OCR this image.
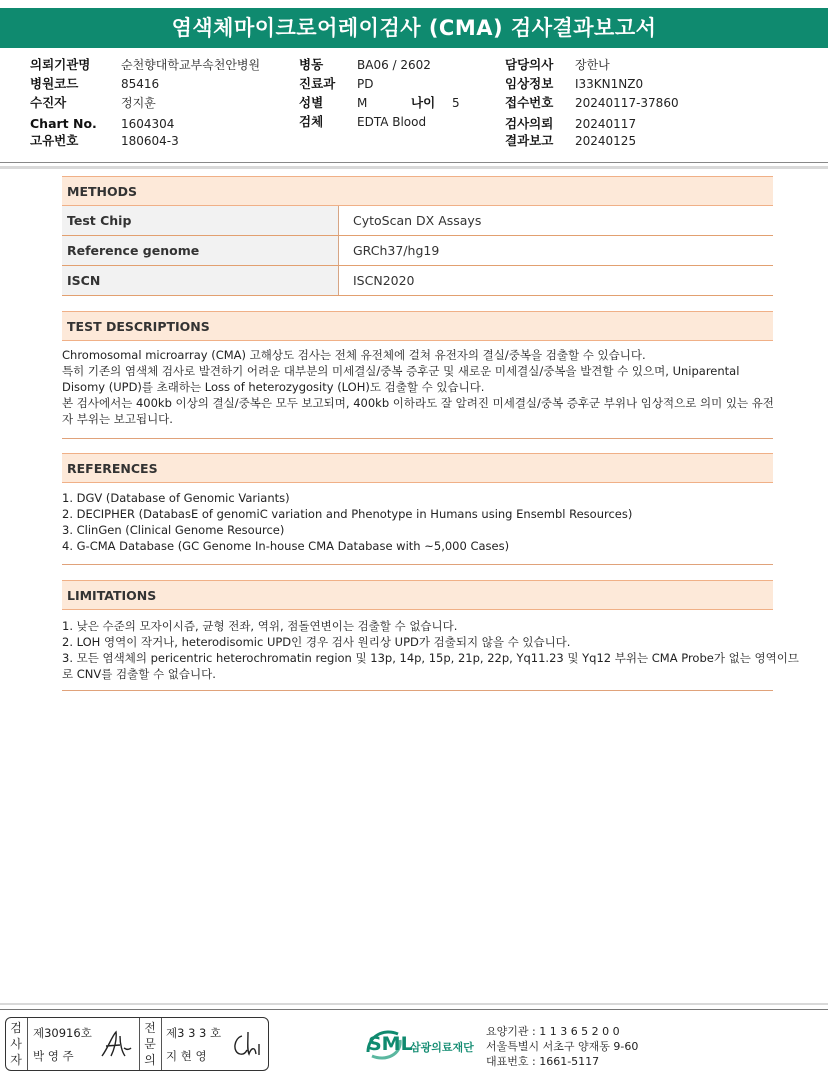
염색체마이크로어레이검사 (CMA) 검사결과보고서
의뢰기관명	순천향대학교부속천안병원
병원코드	85416
수진자	정지훈
Chart No. 1604304
고유번호	180604-3
병동	BA06 / 2602
진료과 PD
성별	M	나이 5
검체	EDTA Blood
담당의사 장한나
임상정보 I33KN1NZ0
접수번호 20240117-37860
검사의뢰 20240117
결과보고 20240125
METHODS
Test Chip	CytoScan DX Assays
Reference genome	GRCh37/hg19
ISCN	ISCN2020
TEST DESCRIPTIONS
Chromosomal microarray (CMA) 고해상도 검사는 전체 유전체에 걸쳐 유전자의 결실/중복을 검출할 수 있습니다.
특히 기존의 염색체 검사로 발견하기 어려운 대부분의 미세결실/중복 증후군 및 새로운 미세결실/중복을 발견할 수 있으며, Uniparental
Disomy (UPD)를 초래하는 Loss of heterozygosity (LOH)도 검출할 수 있습니다.
본 검사에서는 400kb 이상의 결실/중복은 모두 보고되며, 400kb 이하라도 잘 알려진 미세결실/중복 증후군 부위나 임상적으로 의미 있는 유전
자 부위는 보고됩니다.
REFERENCES
1. DGV (Database of Genomic Variants)
2. DECIPHER (DatabasE of genomiC variation and Phenotype in Humans using Ensembl Resources)
3. ClinGen (Clinical Genome Resource)
4. G-CMA Database (GC Genome In-house CMA Database with ~5,000 Cases)
LIMITATIONS
1. 낮은 수준의 모자이시즘, 균형 전좌, 역위, 점돌연변이는 검출할 수 없습니다.
2. LOH 영역이 작거나, heterodisomic UPD인 경우 검사 원리상 UPD가 검출되지 않을 수 있습니다.
3. 모든 염색체의 pericentric heterochromatin region 및 13p, 14p, 15p, 21p, 22p, Yq11.23 및 Yq12 부위는 CMA Probe가 없는 영역이므
로 CNV를 검출할 수 없습니다.
검
사
자
제30916호
박 영 주
전
문
의
제3 3 3 호
지 현 영
SML
삼광의료재단
요양기관 : 1 1 3 6 5 2 0 0
서울특별시 서초구 양재동 9-60
대표번호 : 1661-5117
